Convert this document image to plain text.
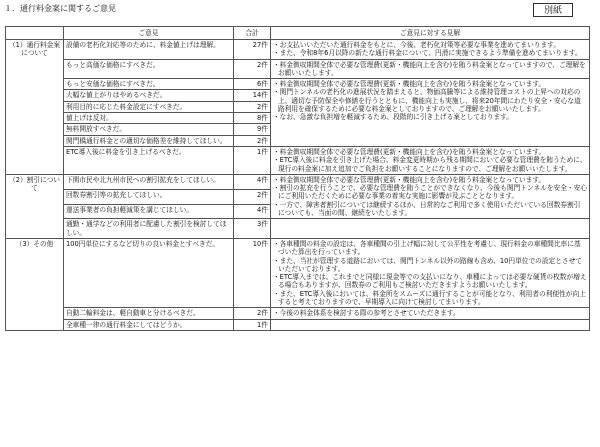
１．通行料金案に関するご意見	別紙
	ご意見	合計	ご意見に対する見解
（1）通行料金案について	設備の老朽化対応等のために、料金値上げは理解。	27件	・お支払いいただいた通行料金をもとに、今後、老朽化対策等必要な事業を進めてまいります。
・また、令和8年6月以降の新たな通行料金について、円滑に実施できるよう準備を進めてまいります。

	もっと高価な価格にすべきだ。	2件	・料金徴収期間全体で必要な管理費(更新・機能向上を含む)を賄う料金案となっていますので、ご理解をお願いいたします。

	もっと安価な価格にすべきだ。	6件	・料金徴収期間全体で必要な管理費(更新・機能向上を含む)を賄う料金案となっています。
・関門トンネルの老朽化の進展状況を踏まえると、物価高騰等による維持管理コストの上昇への対応の上、適切な予防保全や修繕を行うとともに、機能向上も実施し、将来20年間にわたり安全・安心な道路利用を確保するために必要な料金案としておりますので、ご理解をお願いいたします。
・なお、急激な負担増を軽減するため、段階的に引き上げる案としております。

	大幅な値上がりはやめるべきだ。	14件	
	利用目的に応じた料金設定にすべきだ。	2件	
	値上げは反対。	8件	
	無料開放すべきだ。	9件	
	関門橋通行料金との適切な価格差を維持してほしい。	2件	
	ETC導入後に料金を引き上げるべきだ。	1件	・料金徴収期間全体で必要な管理費(更新・機能向上を含む)を賄う料金案となっています。
・ETC導入後に料金を引き上げた場合、料金変更時期から残る期間において必要な管理費を賄うために、現行の料金案に加え追加でご負担をお願いすることになりますので、ご理解をお願いいたします。

（2）割引について	下関市民や北九州市民への割引拡充をしてほしい。	4件	・料金徴収期間全体で必要な管理費(更新・機能向上を含む)を賄う料金案となっています。
・割引の拡充を行うことで、必要な管理費を賄うことができなくなり、今後も関門トンネルを安全・安心にご利用いただくために必要な事業の着実な実施に影響が及ぶこととなります。
・一方で、障害者割引については継続するほか、日常的なご利用で多く使用いただいている回数券割引についても、当面の間、継続をいたします。

	回数券割引等の拡充してほしい。	2件	
	運送事業者の負担軽減策を講じてほしい。	4件	
	通勤・通学などの利用者に配慮した割引を検討してほしい。	3件	
（3）その他	100円単位にするなど切りの良い料金とすべきだ。	10件	・各車種間の料金の設定は、各車種間の引上げ幅に対して公平性を考慮し、現行料金の車種間比率に基づいた算出を行っています。
・また、当社が管理する道路においては、関門トンネル以外の路線も含め、10円単位での設定とさせていただいております。
・ETC導入までは、これまでと同様に現金等での支払いになり、車種によっては必要な硬貨の枚数が増える場合もありますが、回数券のご利用もご検討いただきますようお願いいたします。
・また、ETC導入後においては、料金所をスムーズに通行することが可能となり、利用者の利便性が向上すると考えておりますので、早期導入に向けて検討してまいります。

	自動二輪料金は、軽自動車と分けるべきだ。	2件	・今後の料金体系を検討する際の参考とさせていただきます。

	全車種一律の通行料金にしてはどうか。	1件	
